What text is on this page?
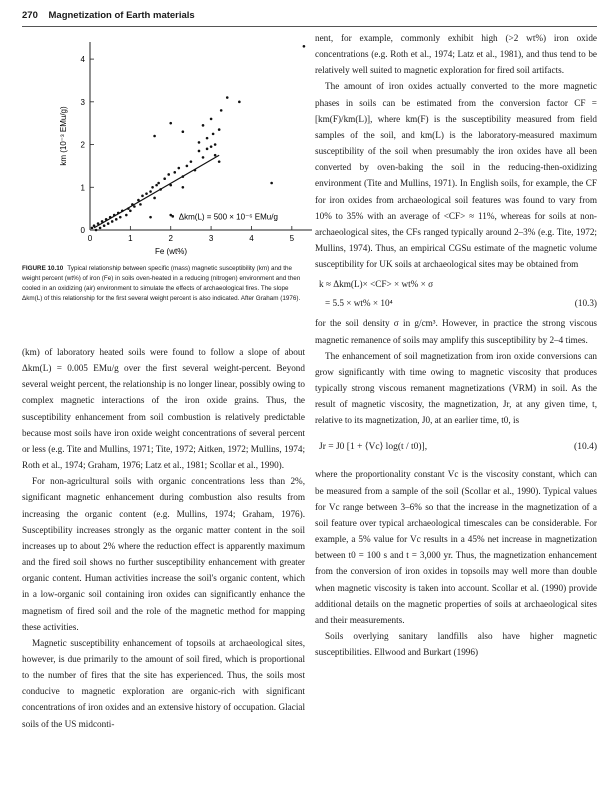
270 Magnetization of Earth materials
0	1	2	3	4	5
0
1
2
3
4
Fe (wt%)
km (10⁻³ EMu/g)
Δkm(L) = 500 × 10⁻⁶ EMu/g
FIGURE 10.10 Typical relationship between specific (mass) magnetic susceptibility (km) and the weight percent (wt%) of iron (Fe) in soils oven-heated in a reducing (nitrogen) environment and then cooled in an oxidizing (air) environment to simulate the effects of archaeological fires. The slope Δkm(L) of this relationship for the first several weight percent is also indicated. After Graham (1976).

(km) of laboratory heated soils were found to follow a slope of about Δkm(L) = 0.005 EMu/g over the first several weight-percent. Beyond several weight percent, the relationship is no longer linear, possibly owing to complex magnetic interactions of the iron oxide grains. Thus, the susceptibility enhancement from soil combustion is relatively predictable because most soils have iron oxide weight concentrations of several percent or less (e.g. Tite and Mullins, 1971; Tite, 1972; Aitken, 1972; Mullins, 1974; Roth et al., 1974; Graham, 1976; Latz et al., 1981; Scollar et al., 1990).

For non-agricultural soils with organic concentrations less than 2%, significant magnetic enhancement during combustion also results from increasing the organic content (e.g. Mullins, 1974; Graham, 1976). Susceptibility increases strongly as the organic matter content in the soil increases up to about 2% where the reduction effect is apparently maximum and the fired soil shows no further susceptibility enhancement with greater organic content. Human activities increase the soil's organic content, which in a low-organic soil containing iron oxides can significantly enhance the magnetism of fired soil and the role of the magnetic method for mapping these activities.

Magnetic susceptibility enhancement of topsoils at archaeological sites, however, is due primarily to the amount of soil fired, which is proportional to the number of fires that the site has experienced. Thus, the soils most conducive to magnetic exploration are organic-rich with significant concentrations of iron oxides and an extensive history of occupation. Glacial soils of the US midconti-

nent, for example, commonly exhibit high (>2 wt%) iron oxide concentrations (e.g. Roth et al., 1974; Latz et al., 1981), and thus tend to be relatively well suited to magnetic exploration for fired soil artifacts.

The amount of iron oxides actually converted to the more magnetic phases in soils can be estimated from the conversion factor CF = [km(F)/km(L)], where km(F) is the susceptibility measured from field samples of the soil, and km(L) is the laboratory-measured maximum susceptibility of the soil when presumably the iron oxides have all been converted by oven-baking the soil in the reducing-then-oxidizing environment (Tite and Mullins, 1971). In English soils, for example, the CF for iron oxides from archaeological soil features was found to vary from 10% to 35% with an average of <CF> ≈ 11%, whereas for soils at non-archaeological sites, the CFs ranged typically around 2–3% (e.g. Tite, 1972; Mullins, 1974). Thus, an empirical CGSu estimate of the magnetic volume susceptibility for UK soils at archaeological sites may be obtained from

k ≈ Δkm(L)× <CF> × wt% × σ
= 5.5 × wt% × 10⁴	(10.3)

for the soil density σ in g/cm³. However, in practice the strong viscous magnetic remanence of soils may amplify this susceptibility by 2–4 times.

The enhancement of soil magnetization from iron oxide conversions can grow significantly with time owing to magnetic viscosity that produces typically strong viscous remanent magnetizations (VRM) in soil. As the result of magnetic viscosity, the magnetization, Jr, at any given time, t, relative to its magnetization, J0, at an earlier time, t0, is

Jr = J0 [1 + ⟨Vc⟩ log(t / t0)],	(10.4)

where the proportionality constant Vc is the viscosity constant, which can be measured from a sample of the soil (Scollar et al., 1990). Typical values for Vc range between 3–6% so that the increase in the magnetization of a soil feature over typical archaeological timescales can be considerable. For example, a 5% value for Vc results in a 45% net increase in magnetization between t0 = 100 s and t = 3,000 yr. Thus, the magnetization enhancement from the conversion of iron oxides in topsoils may well more than double when magnetic viscosity is taken into account. Scollar et al. (1990) provide additional details on the magnetic properties of soils at archaeological sites and their measurements.

Soils overlying sanitary landfills also have higher magnetic susceptibilities. Ellwood and Burkart (1996)
